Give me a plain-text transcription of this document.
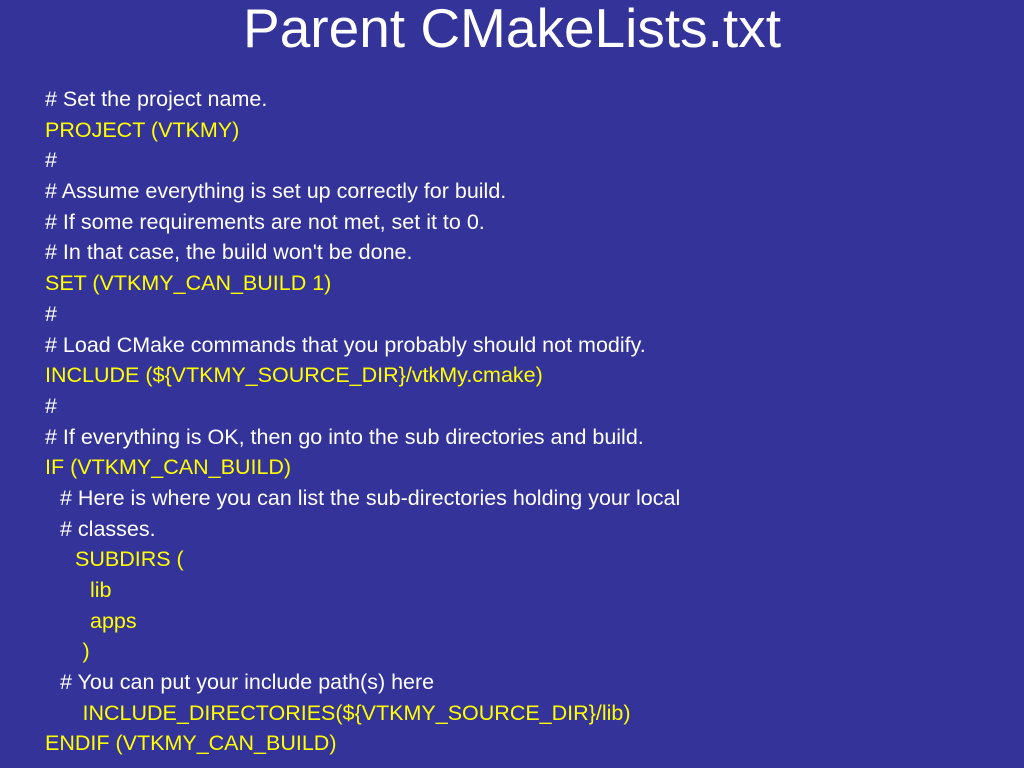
Parent CMakeLists.txt
# Set the project name.
PROJECT (VTKMY)
#
# Assume everything is set up correctly for build.
# If some requirements are not met, set it to 0.
# In that case, the build won't be done.
SET (VTKMY_CAN_BUILD 1)
#
# Load CMake commands that you probably should not modify.
INCLUDE (${VTKMY_SOURCE_DIR}/vtkMy.cmake)
#
# If everything is OK, then go into the sub directories and build.
IF (VTKMY_CAN_BUILD)
# Here is where you can list the sub-directories holding your local
# classes.
SUBDIRS (
lib
apps
)
# You can put your include path(s) here
INCLUDE_DIRECTORIES(${VTKMY_SOURCE_DIR}/lib)
ENDIF (VTKMY_CAN_BUILD)
